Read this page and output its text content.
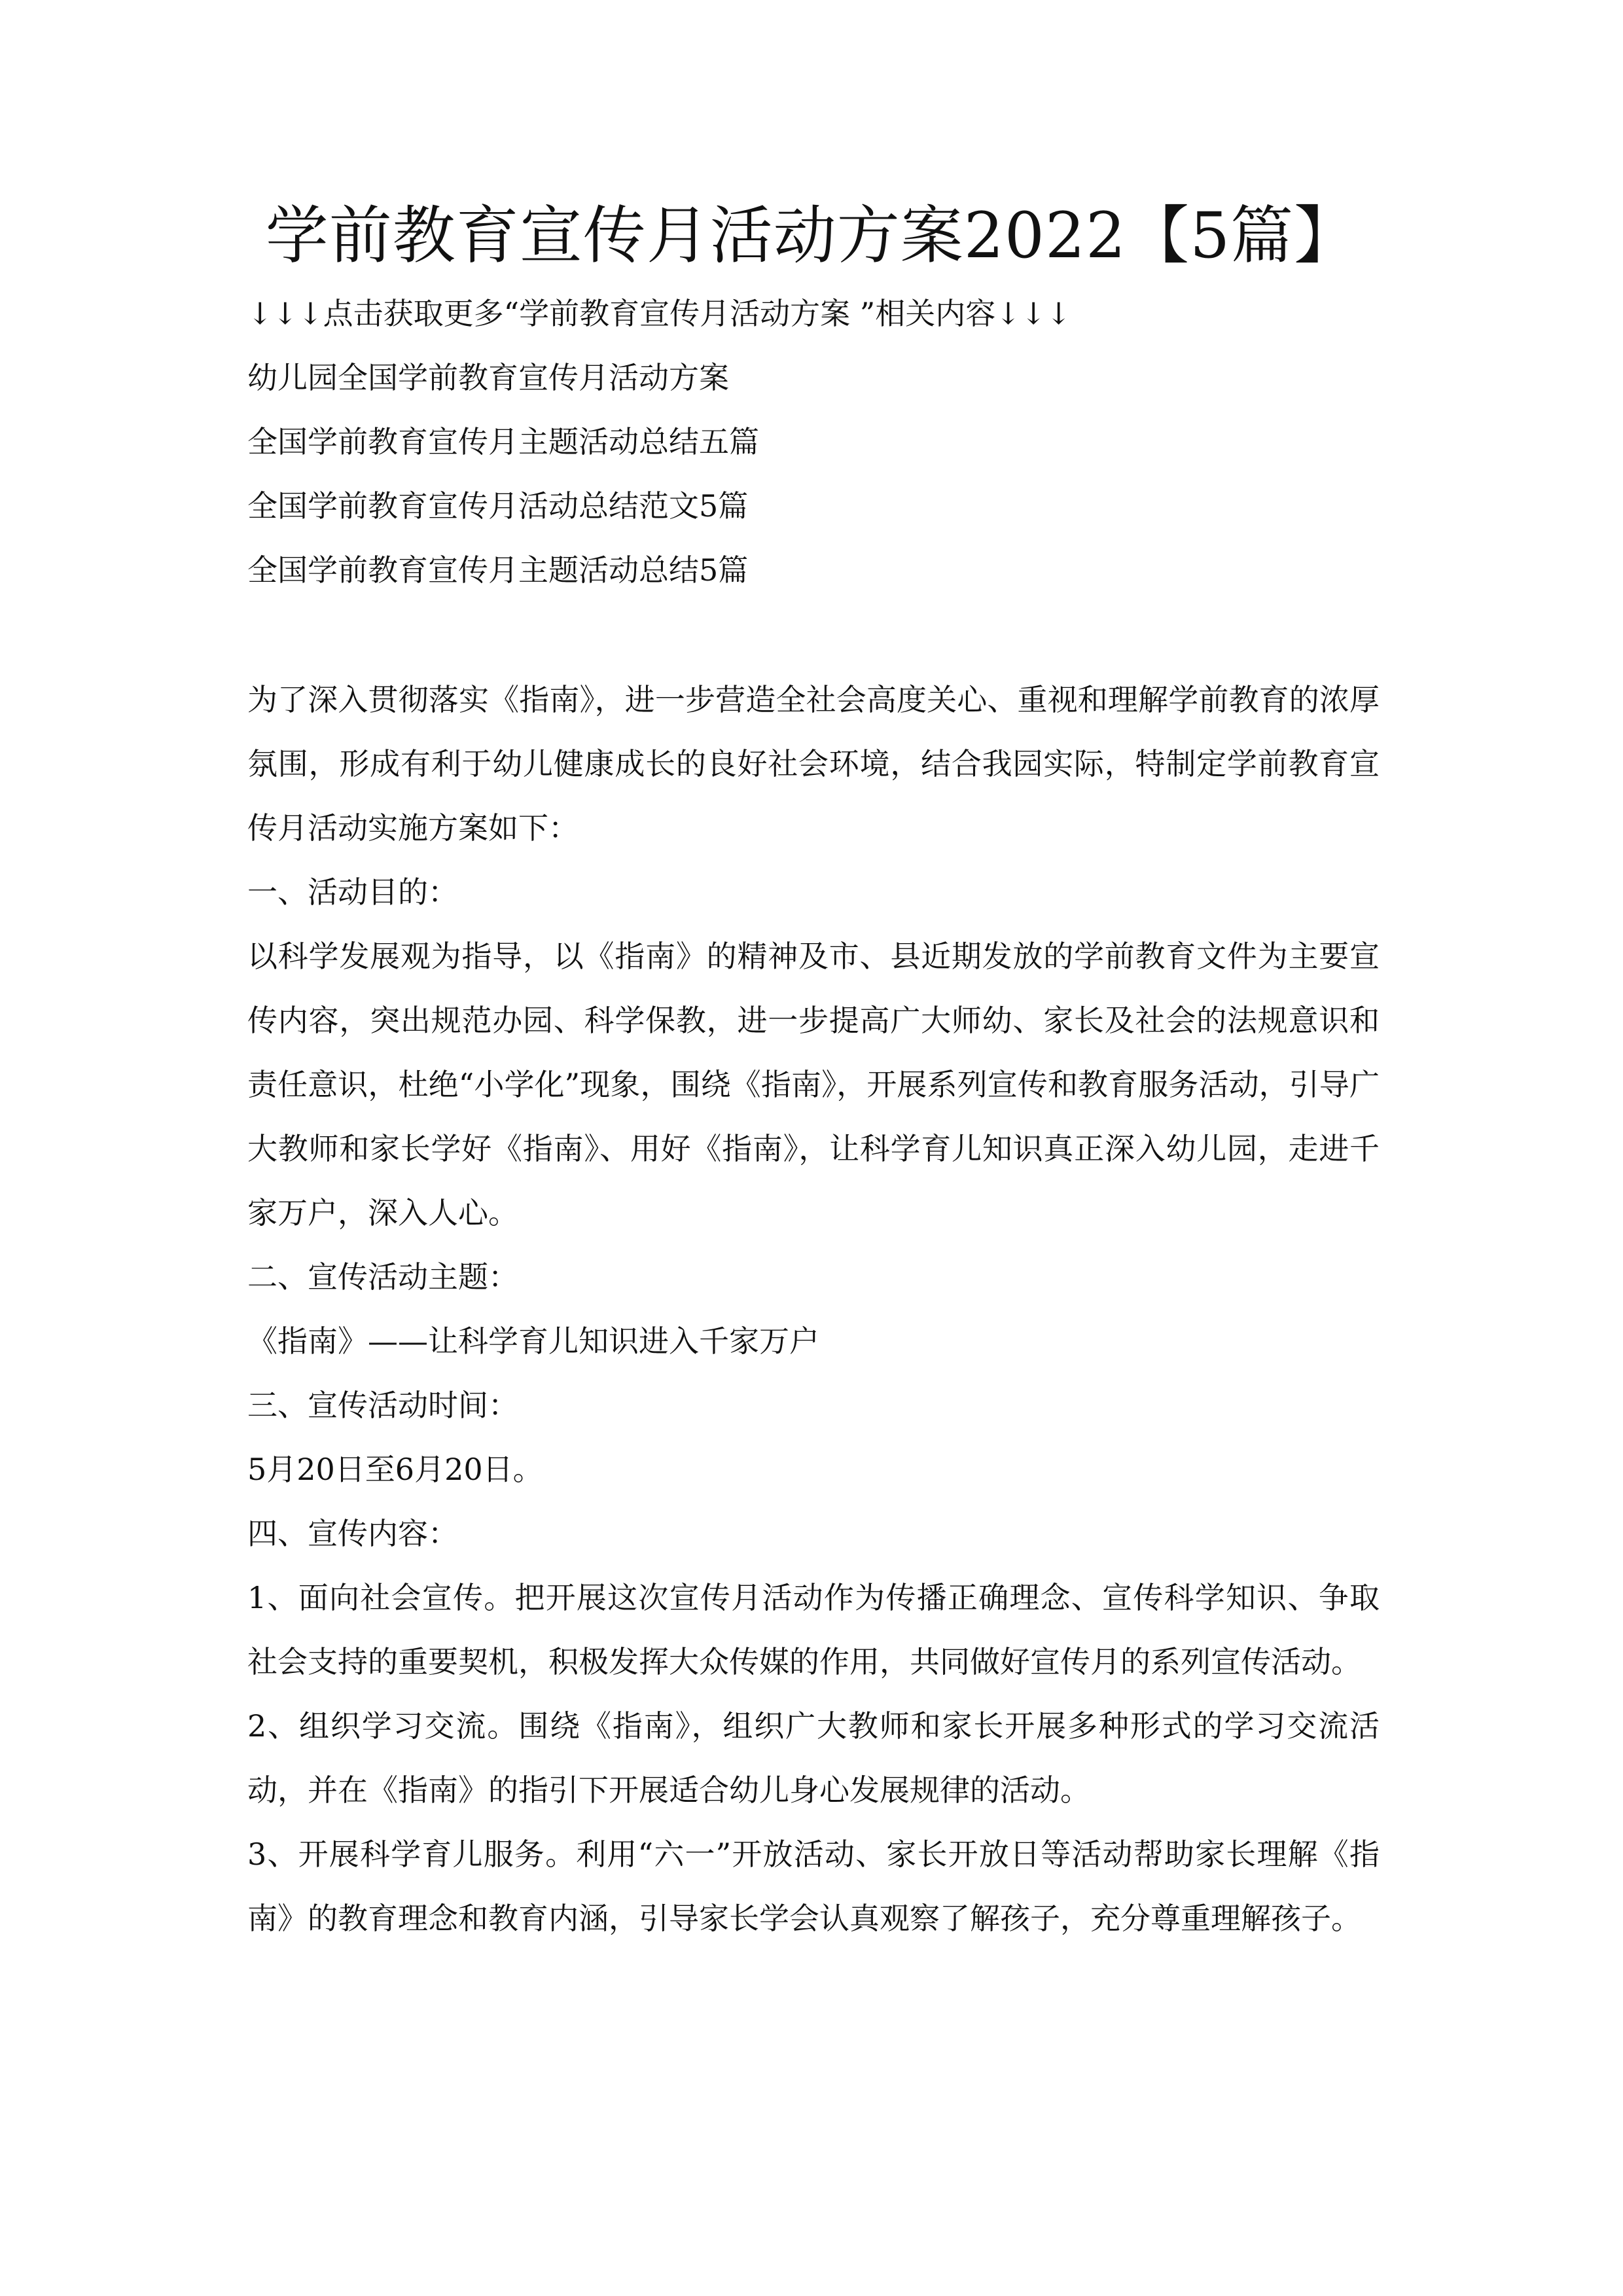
学前教育宣传月活动方案2022【5篇】
↓↓↓点击获取更多“学前教育宣传月活动方案 ”相关内容↓↓↓
幼儿园全国学前教育宣传月活动方案
全国学前教育宣传月主题活动总结五篇
全国学前教育宣传月活动总结范文5篇
全国学前教育宣传月主题活动总结5篇

为了深入贯彻落实《指南》，进一步营造全社会高度关心、重视和理解学前教育的浓厚氛围，形成有利于幼儿健康成长的良好社会环境，结合我园实际，特制定学前教育宣传月活动实施方案如下：

一、活动目的：

以科学发展观为指导，以《指南》的精神及市、县近期发放的学前教育文件为主要宣传内容，突出规范办园、科学保教，进一步提高广大师幼、家长及社会的法规意识和责任意识，杜绝“小学化”现象，围绕《指南》，开展系列宣传和教育服务活动，引导广大教师和家长学好《指南》、用好《指南》，让科学育儿知识真正深入幼儿园，走进千家万户，深入人心。

二、宣传活动主题：

《指南》——让科学育儿知识进入千家万户

三、宣传活动时间：

5月20日至6月20日。

四、宣传内容：

1、面向社会宣传。把开展这次宣传月活动作为传播正确理念、宣传科学知识、争取社会支持的重要契机，积极发挥大众传媒的作用，共同做好宣传月的系列宣传活动。

2、组织学习交流。围绕《指南》，组织广大教师和家长开展多种形式的学习交流活动，并在《指南》的指引下开展适合幼儿身心发展规律的活动。

3、开展科学育儿服务。利用“六一”开放活动、家长开放日等活动帮助家长理解《指南》的教育理念和教育内涵，引导家长学会认真观察了解孩子，充分尊重理解孩子。
